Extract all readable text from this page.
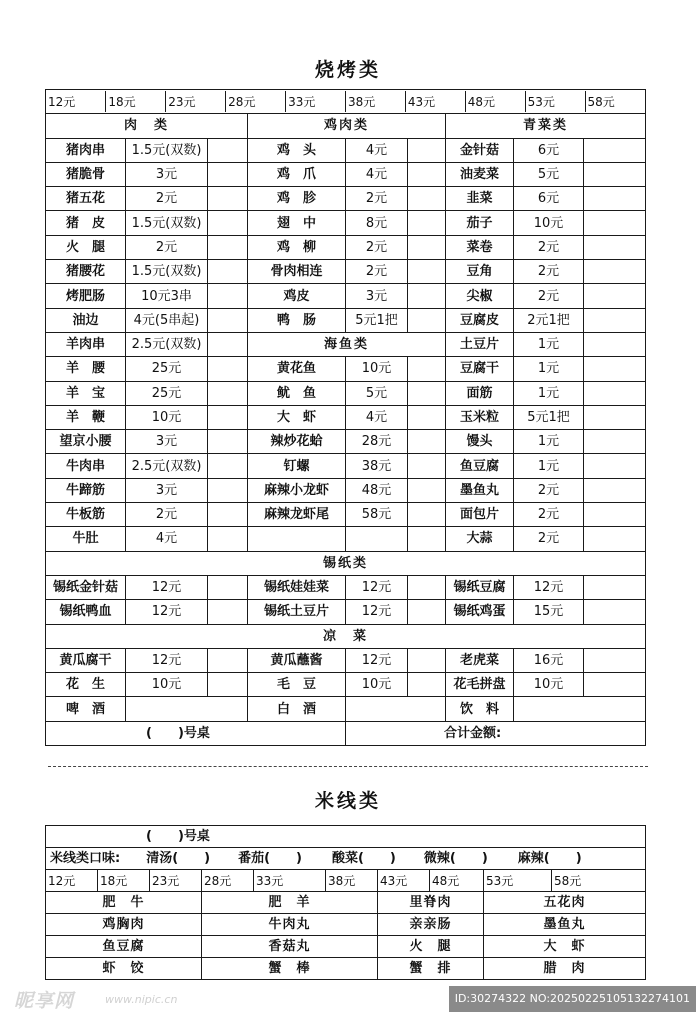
烧烤类
12元	18元	23元	28元	33元	38元	43元	48元	53元	58元

肉　类	鸡肉类	青菜类
猪肉串	1.5元(双数)		鸡　头	4元		金针菇	6元	
猪脆骨	3元		鸡　爪	4元		油麦菜	5元	
猪五花	2元		鸡　胗	2元		韭菜	6元	
猪　皮	1.5元(双数)		翅　中	8元		茄子	10元	
火　腿	2元		鸡　柳	2元		菜卷	2元	
猪腰花	1.5元(双数)		骨肉相连	2元		豆角	2元	
烤肥肠	10元3串		鸡皮	3元		尖椒	2元	
油边	4元(5串起)		鸭　肠	5元1把		豆腐皮	2元1把	
羊肉串	2.5元(双数)		海鱼类	土豆片	1元	
羊　腰	25元		黄花鱼	10元		豆腐干	1元	
羊　宝	25元		鱿　鱼	5元		面筋	1元	
羊　鞭	10元		大　虾	4元		玉米粒	5元1把	
望京小腰	3元		辣炒花蛤	28元		馒头	1元	
牛肉串	2.5元(双数)		钉螺	38元		鱼豆腐	1元	
牛蹄筋	3元		麻辣小龙虾	48元		墨鱼丸	2元	
牛板筋	2元		麻辣龙虾尾	58元		面包片	2元	
牛肚	4元					大蒜	2元	
锡纸类
锡纸金针菇	12元		锡纸娃娃菜	12元		锡纸豆腐	12元	
锡纸鸭血	12元		锡纸土豆片	12元		锡纸鸡蛋	15元	
凉　菜
黄瓜腐干	12元		黄瓜蘸酱	12元		老虎菜	16元	
花　生	10元		毛　豆	10元		花毛拼盘	10元	
啤　酒		白　酒		饮　料	
(　　)号桌	合计金额:
米线类
(　　)号桌									
米线类口味: 清汤(　　) 番茄(　　) 酸菜(　　) 微辣(　　) 麻辣(　　)									
12元	18元	23元	28元	33元	38元	43元	48元	53元	58元
肥　牛			肥　羊			里脊肉		五花肉	
鸡胸肉			牛肉丸			亲亲肠		墨鱼丸	
鱼豆腐			香菇丸			火　腿		大　虾	
虾　饺			蟹　棒			蟹　排		腊　肉	
昵享网	www.nipic.cn	ID:30274322 NO:20250225105132274101
